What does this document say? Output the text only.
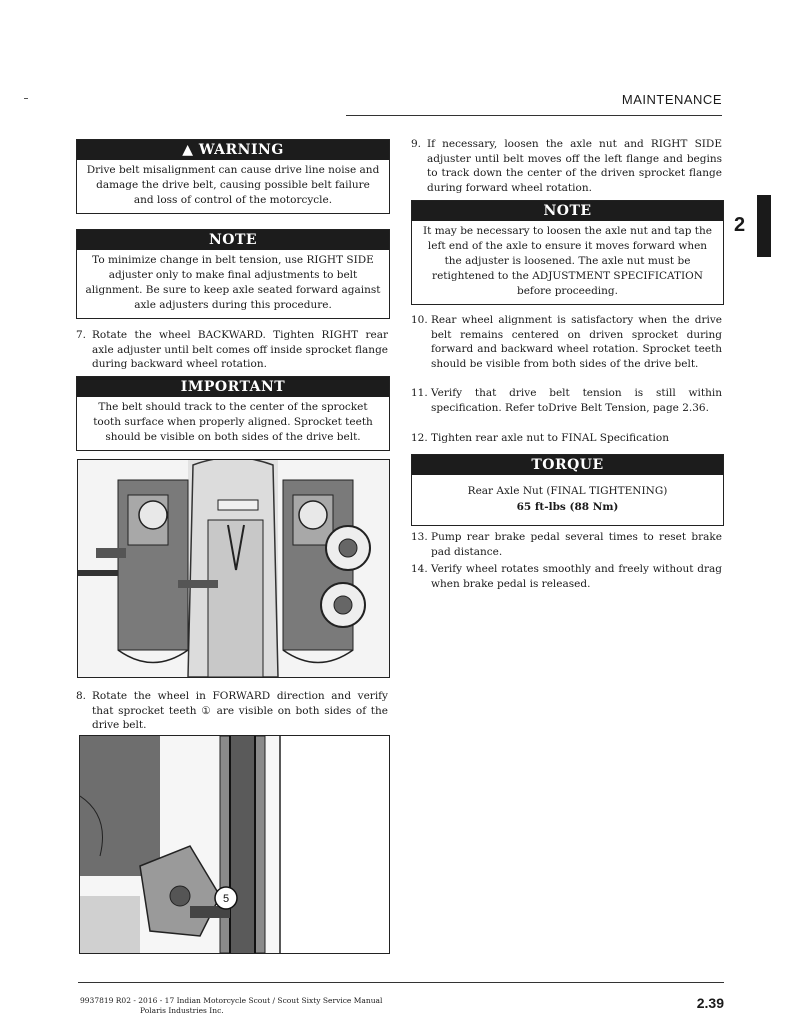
MAINTENANCE
2
▲ WARNING
Drive belt misalignment can cause drive line noise and damage the drive belt, causing possible belt failure and loss of control of the motorcycle.
NOTE
To minimize change in belt tension, use RIGHT SIDE adjuster only to make final adjustments to belt alignment. Be sure to keep axle seated forward against axle adjusters during this procedure.
7. Rotate the wheel BACKWARD. Tighten RIGHT rear axle adjuster until belt comes off inside sprocket flange during backward wheel rotation.
IMPORTANT
The belt should track to the center of the sprocket tooth surface when properly aligned. Sprocket teeth should be visible on both sides of the drive belt.
8. Rotate the wheel in FORWARD direction and verify that sprocket teeth ① are visible on both sides of the drive belt.
5
9. If necessary, loosen the axle nut and RIGHT SIDE adjuster until belt moves off the left flange and begins to track down the center of the driven sprocket flange during forward wheel rotation.
NOTE
It may be necessary to loosen the axle nut and tap the left end of the axle to ensure it moves forward when the adjuster is loosened. The axle nut must be retightened to the ADJUSTMENT SPECIFICATION before proceeding.
10. Rear wheel alignment is satisfactory when the drive belt remains centered on driven sprocket during forward and backward wheel rotation. Sprocket teeth should be visible from both sides of the drive belt.
11. Verify that drive belt tension is still within specification. Refer toDrive Belt Tension, page 2.36.
12. Tighten rear axle nut to FINAL Specification
TORQUE
Rear Axle Nut (FINAL TIGHTENING)
65 ft-lbs (88 Nm)
13. Pump rear brake pedal several times to reset brake pad distance.
14. Verify wheel rotates smoothly and freely without drag when brake pedal is released.
9937819 R02 - 2016 - 17 Indian Motorcycle Scout / Scout Sixty Service Manual
Polaris Industries Inc.	2.39
